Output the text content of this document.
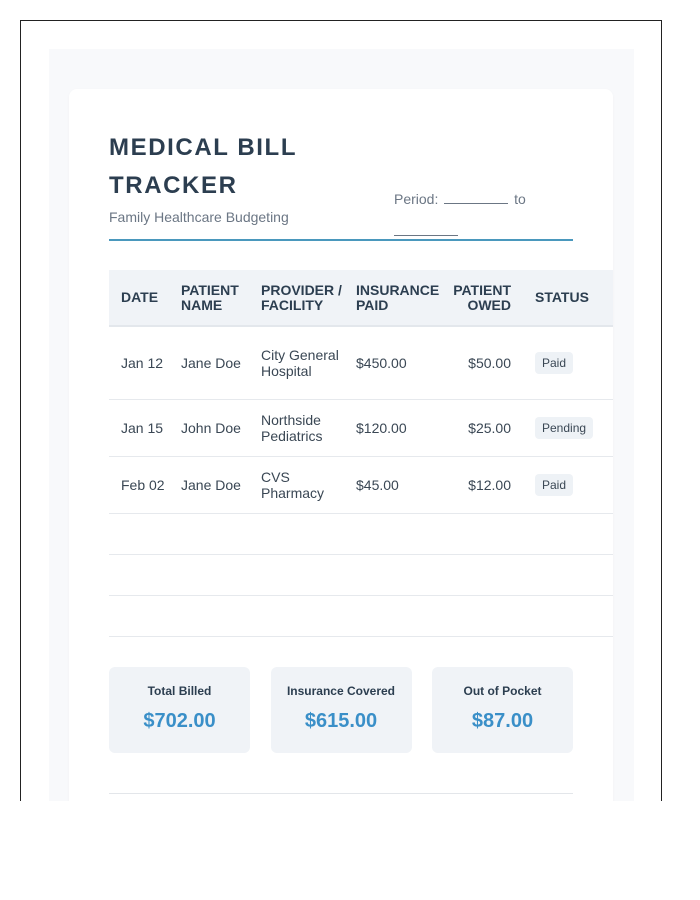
MEDICAL BILL TRACKER
Family Healthcare Budgeting
Period:	to
DATE	PATIENT NAME	PROVIDER / FACILITY	INSURANCE PAID	PATIENT OWED	STATUS
Jan 12	Jane Doe	City General Hospital	$450.00	$50.00	Paid
Jan 15	John Doe	Northside Pediatrics	$120.00	$25.00	Pending
Feb 02	Jane Doe	CVS Pharmacy	$45.00	$12.00	Paid

Total Billed
$702.00
Insurance Covered
$615.00
Out of Pocket
$87.00
